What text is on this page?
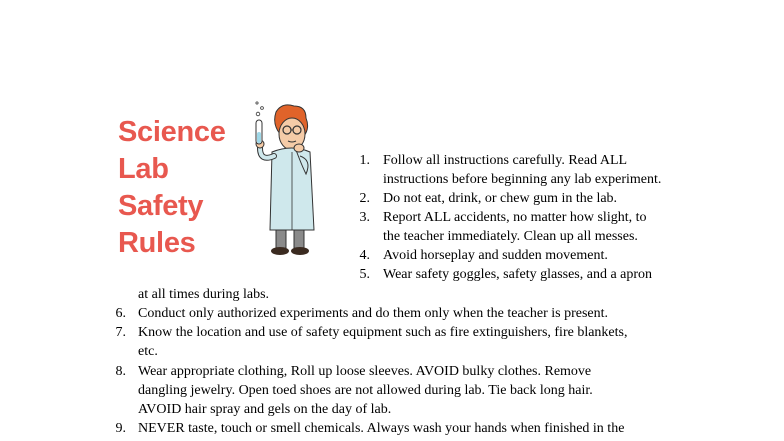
Science
Lab
Safety
Rules
1. Follow all instructions carefully. Read ALL
instructions before beginning any lab experiment.
2. Do not eat, drink, or chew gum in the lab.
3. Report ALL accidents, no matter how slight, to
the teacher immediately. Clean up all messes.
4. Avoid horseplay and sudden movement.
5. Wear safety goggles, safety glasses, and a apron
at all times during labs.
6. Conduct only authorized experiments and do them only when the teacher is present.
7. Know the location and use of safety equipment such as fire extinguishers, fire blankets,
etc.
8. Wear appropriate clothing, Roll up loose sleeves. AVOID bulky clothes. Remove
dangling jewelry. Open toed shoes are not allowed during lab. Tie back long hair.
AVOID hair spray and gels on the day of lab.
9. NEVER taste, touch or smell chemicals. Always wash your hands when finished in the
